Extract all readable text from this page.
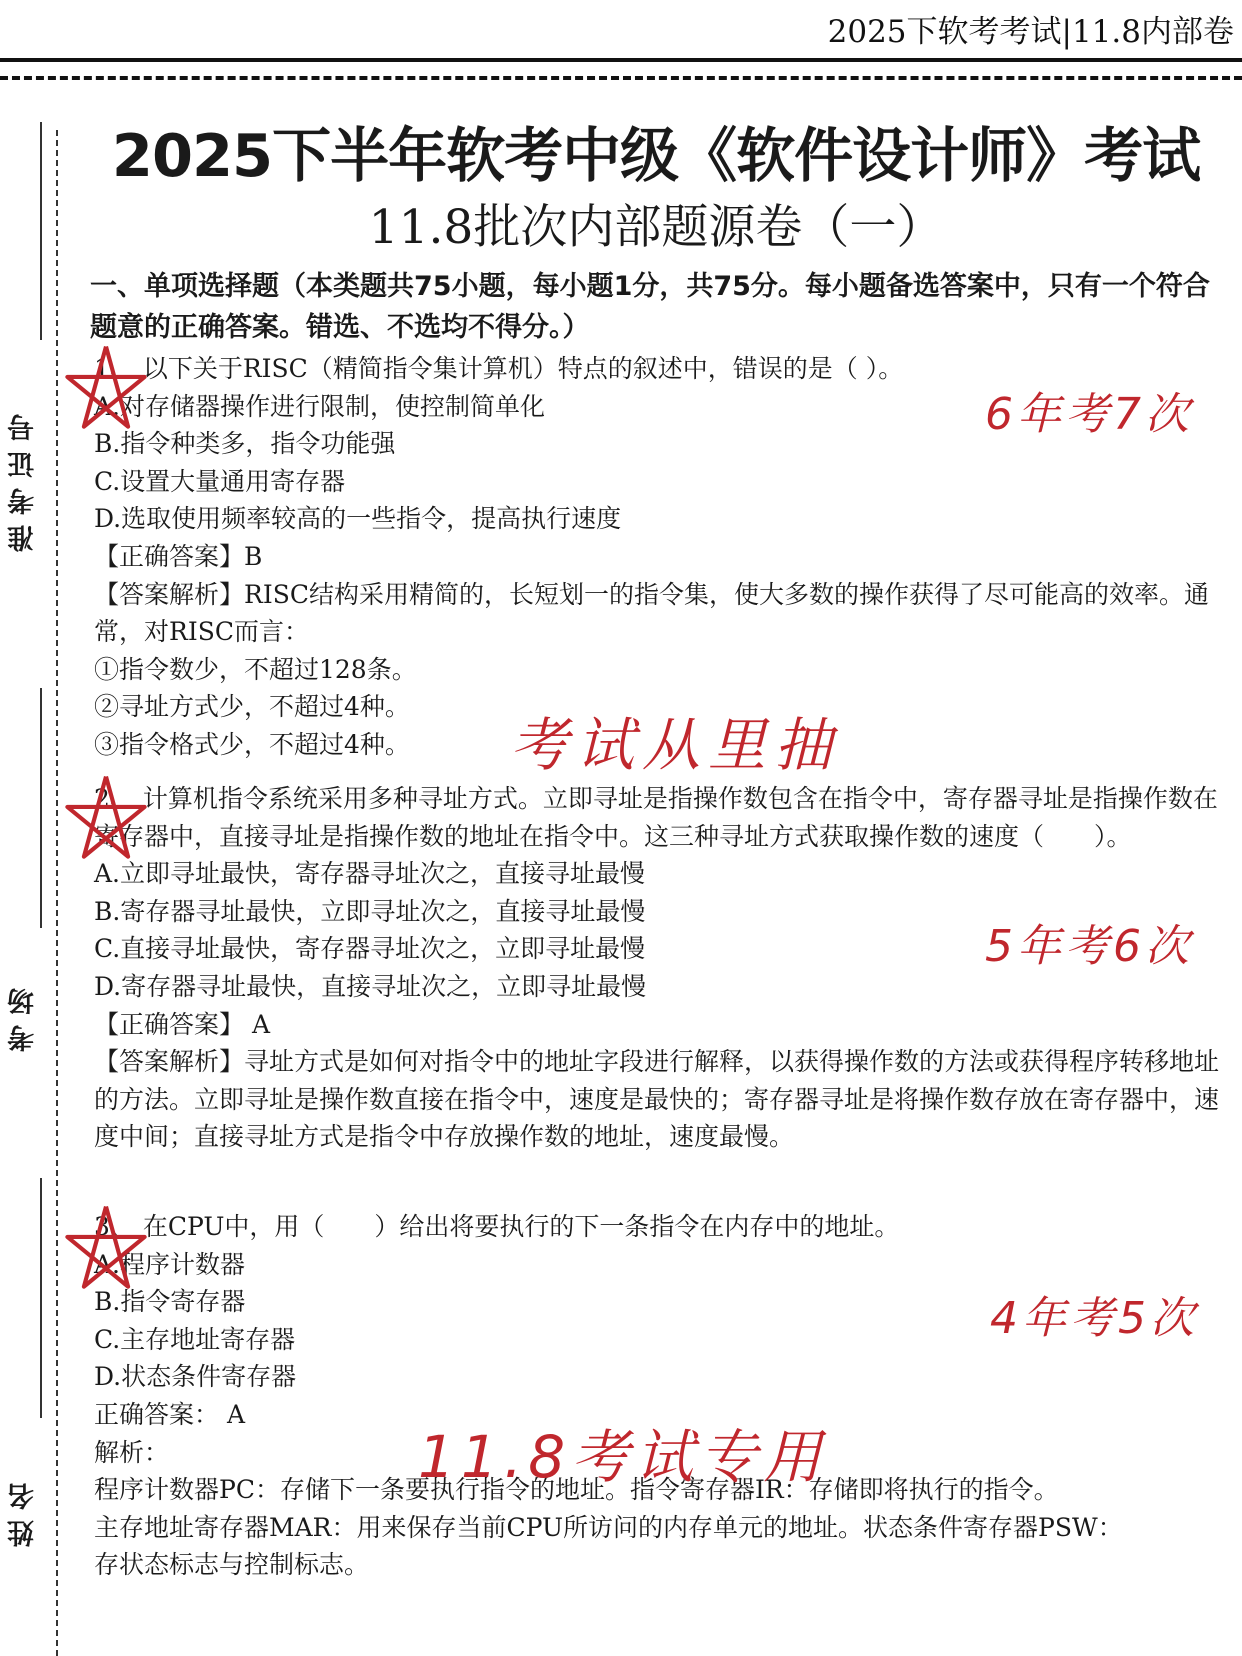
2025下软考考试|11.8内部卷
准考证号
考场
姓名
2025下半年软考中级《软件设计师》考试
11.8批次内部题源卷（一）
一、单项选择题（本类题共75小题，每小题1分，共75分。每小题备选答案中，只有一个符合题意的正确答案。错选、不选均不得分。）
1、 以下关于RISC（精简指令集计算机）特点的叙述中，错误的是（ ）。
A.对存储器操作进行限制，使控制简单化
B.指令种类多，指令功能强
C.设置大量通用寄存器
D.选取使用频率较高的一些指令，提高执行速度
【正确答案】B
【答案解析】RISC结构采用精简的，长短划一的指令集，使大多数的操作获得了尽可能高的效率。通常，对RISC而言：
①指令数少，不超过128条。
②寻址方式少，不超过4种。
③指令格式少，不超过4种。
2、 计算机指令系统采用多种寻址方式。立即寻址是指操作数包含在指令中，寄存器寻址是指操作数在寄存器中，直接寻址是指操作数的地址在指令中。这三种寻址方式获取操作数的速度（　　）。
A.立即寻址最快，寄存器寻址次之，直接寻址最慢
B.寄存器寻址最快，立即寻址次之，直接寻址最慢
C.直接寻址最快，寄存器寻址次之，立即寻址最慢
D.寄存器寻址最快，直接寻址次之，立即寻址最慢
【正确答案】 A
【答案解析】寻址方式是如何对指令中的地址字段进行解释，以获得操作数的方法或获得程序转移地址的方法。立即寻址是操作数直接在指令中，速度是最快的；寄存器寻址是将操作数存放在寄存器中，速度中间；直接寻址方式是指令中存放操作数的地址，速度最慢。
3、 在CPU中，用（　　）给出将要执行的下一条指令在内存中的地址。
A.程序计数器
B.指令寄存器
C.主存地址寄存器
D.状态条件寄存器
正确答案： A
解析：
程序计数器PC：存储下一条要执行指令的地址。指令寄存器IR：存储即将执行的指令。
主存地址寄存器MAR：用来保存当前CPU所访问的内存单元的地址。状态条件寄存器PSW：
存状态标志与控制标志。
6年考7次
考试从里抽
5年考6次
4年考5次
11.8考试专用
